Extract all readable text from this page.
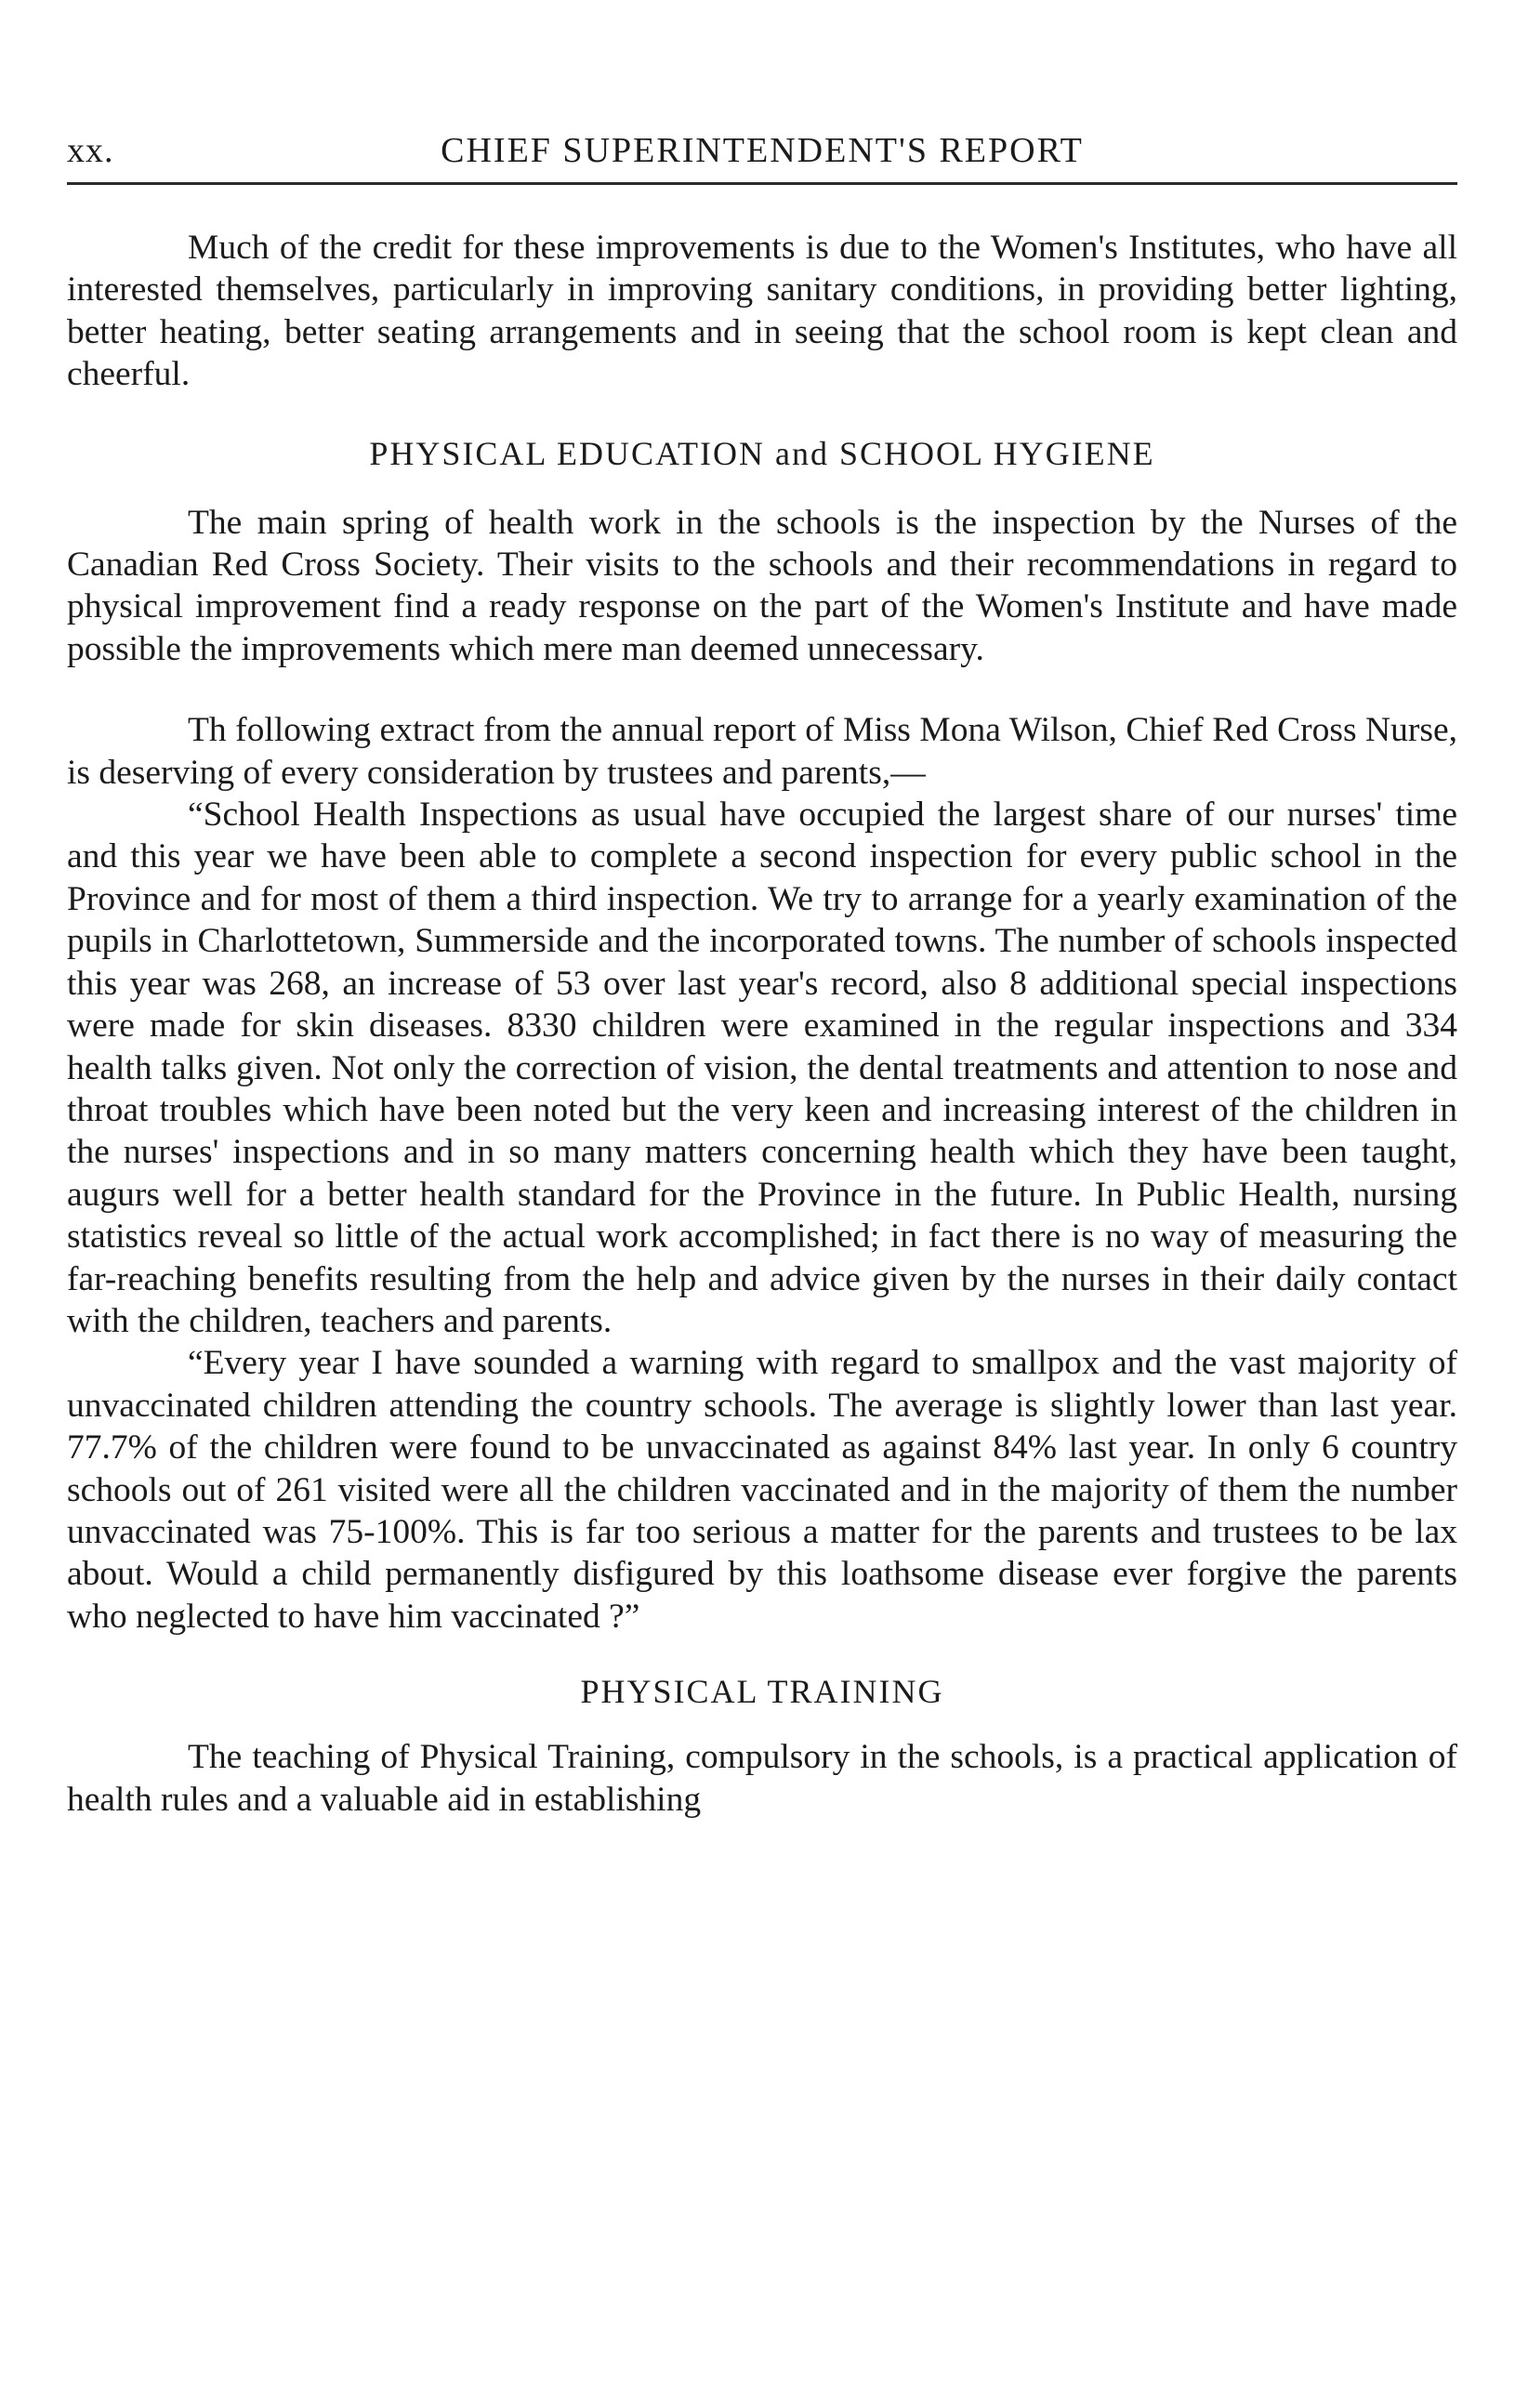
xx.	CHIEF SUPERINTENDENT'S REPORT

Much of the credit for these improvements is due to the Women's Institutes, who have all interested themselves, particularly in improving sanitary conditions, in providing better lighting, better heating, better seating arrangements and in seeing that the school room is kept clean and cheerful.

PHYSICAL EDUCATION and SCHOOL HYGIENE

The main spring of health work in the schools is the inspection by the Nurses of the Canadian Red Cross Society. Their visits to the schools and their recommendations in regard to physical improvement find a ready response on the part of the Women's Institute and have made possible the improvements which mere man deemed unnecessary.

Th following extract from the annual report of Miss Mona Wilson, Chief Red Cross Nurse, is deserving of every consideration by trustees and parents,—

“School Health Inspections as usual have occupied the largest share of our nurses' time and this year we have been able to complete a second inspection for every public school in the Province and for most of them a third inspection. We try to arrange for a yearly examination of the pupils in Charlottetown, Summerside and the incorporated towns. The number of schools inspected this year was 268, an increase of 53 over last year's record, also 8 additional special inspections were made for skin diseases. 8330 children were examined in the regular inspections and 334 health talks given. Not only the correction of vision, the dental treatments and attention to nose and throat troubles which have been noted but the very keen and increasing interest of the children in the nurses' inspections and in so many matters concerning health which they have been taught, augurs well for a better health standard for the Province in the future. In Public Health, nursing statistics reveal so little of the actual work accomplished; in fact there is no way of measuring the far-reaching benefits resulting from the help and advice given by the nurses in their daily contact with the children, teachers and parents.

“Every year I have sounded a warning with regard to smallpox and the vast majority of unvaccinated children attending the country schools. The average is slightly lower than last year. 77.7% of the children were found to be unvaccinated as against 84% last year. In only 6 country schools out of 261 visited were all the children vaccinated and in the majority of them the number unvaccinated was 75-100%. This is far too serious a matter for the parents and trustees to be lax about. Would a child permanently disfigured by this loathsome disease ever forgive the parents who neglected to have him vaccinated ?”

PHYSICAL TRAINING

The teaching of Physical Training, compulsory in the schools, is a practical application of health rules and a valuable aid in establishing
